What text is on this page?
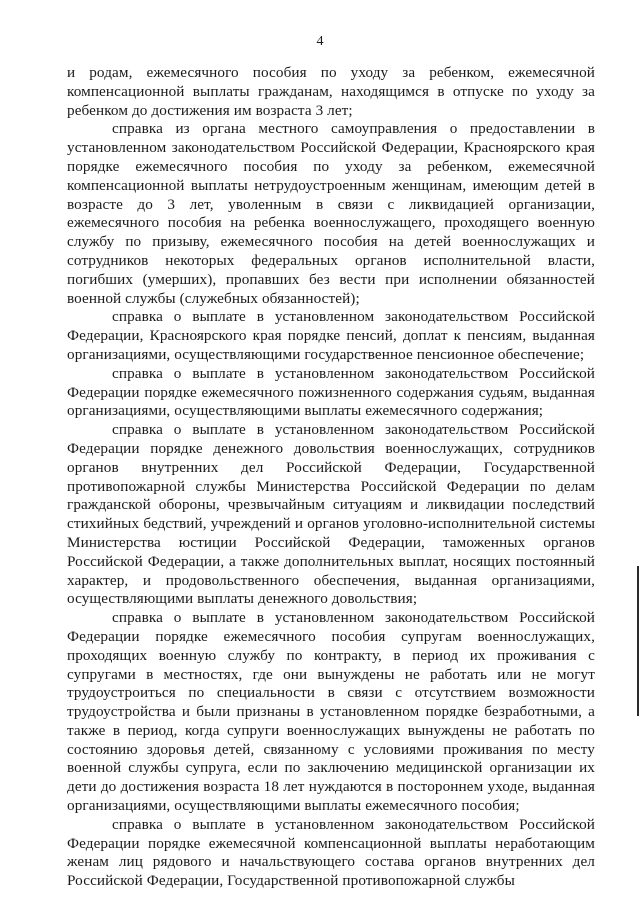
4

и родам, ежемесячного пособия по уходу за ребенком, ежемесячной компенсационной выплаты гражданам, находящимся в отпуске по уходу за ребенком до достижения им возраста 3 лет;

справка из органа местного самоуправления о предоставлении в установленном законодательством Российской Федерации, Красноярского края порядке ежемесячного пособия по уходу за ребенком, ежемесячной компенсационной выплаты нетрудоустроенным женщинам, имеющим детей в возрасте до 3 лет, уволенным в связи с ликвидацией организации, ежемесячного пособия на ребенка военнослужащего, проходящего военную службу по призыву, ежемесячного пособия на детей военнослужащих и сотрудников некоторых федеральных органов исполнительной власти, погибших (умерших), пропавших без вести при исполнении обязанностей военной службы (служебных обязанностей);

справка о выплате в установленном законодательством Российской Федерации, Красноярского края порядке пенсий, доплат к пенсиям, выданная организациями, осуществляющими государственное пенсионное обеспечение;

справка о выплате в установленном законодательством Российской Федерации порядке ежемесячного пожизненного содержания судьям, выданная организациями, осуществляющими выплаты ежемесячного содержания;

справка о выплате в установленном законодательством Российской Федерации порядке денежного довольствия военнослужащих, сотрудников органов внутренних дел Российской Федерации, Государственной противопожарной службы Министерства Российской Федерации по делам гражданской обороны, чрезвычайным ситуациям и ликвидации последствий стихийных бедствий, учреждений и органов уголовно-исполнительной системы Министерства юстиции Российской Федерации, таможенных органов Российской Федерации, а также дополнительных выплат, носящих постоянный характер, и продовольственного обеспечения, выданная организациями, осуществляющими выплаты денежного довольствия;

справка о выплате в установленном законодательством Российской Федерации порядке ежемесячного пособия супругам военнослужащих, проходящих военную службу по контракту, в период их проживания с супругами в местностях, где они вынуждены не работать или не могут трудоустроиться по специальности в связи с отсутствием возможности трудоустройства и были признаны в установленном порядке безработными, а также в период, когда супруги военнослужащих вынуждены не работать по состоянию здоровья детей, связанному с условиями проживания по месту военной службы супруга, если по заключению медицинской организации их дети до достижения возраста 18 лет нуждаются в постороннем уходе, выданная организациями, осуществляющими выплаты ежемесячного пособия;

справка о выплате в установленном законодательством Российской Федерации порядке ежемесячной компенсационной выплаты неработающим женам лиц рядового и начальствующего состава органов внутренних дел Российской Федерации, Государственной противопожарной службы
